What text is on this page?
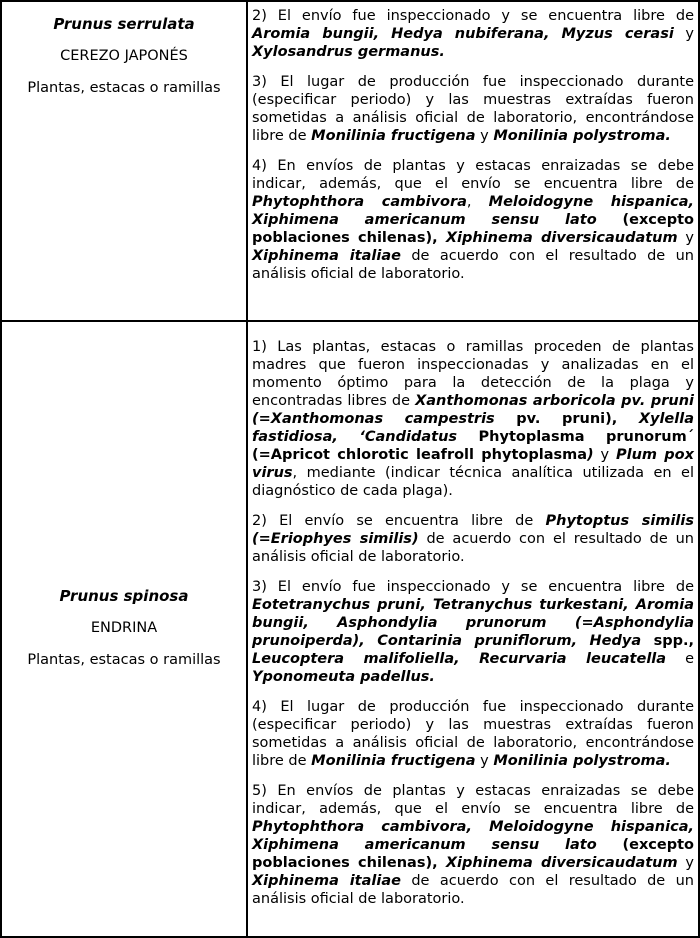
Prunus serrulata

CEREZO JAPONÉS

Plantas, estacas o ramillas

2) El envío fue inspeccionado y se encuentra libre de Aromia bungii, Hedya nubiferana, Myzus cerasi y Xylosandrus germanus.

3) El lugar de producción fue inspeccionado durante (especificar periodo) y las muestras extraídas fueron sometidas a análisis oficial de laboratorio, encontrándose libre de Monilinia fructigena y Monilinia polystroma.

4) En envíos de plantas y estacas enraizadas se debe indicar, además, que el envío se encuentra libre de Phytophthora cambivora, Meloidogyne hispanica, Xiphimena americanum sensu lato (excepto poblaciones chilenas), Xiphinema diversicaudatum y Xiphinema italiae de acuerdo con el resultado de un análisis oficial de laboratorio.

Prunus spinosa

ENDRINA

Plantas, estacas o ramillas

1) Las plantas, estacas o ramillas proceden de plantas madres que fueron inspeccionadas y analizadas en el momento óptimo para la detección de la plaga y encontradas libres de Xanthomonas arboricola pv. pruni (=Xanthomonas campestris pv. pruni), Xylella fastidiosa, ‘Candidatus Phytoplasma prunorum´ (=Apricot chlorotic leafroll phytoplasma) y Plum pox virus, mediante (indicar técnica analítica utilizada en el diagnóstico de cada plaga).

2) El envío se encuentra libre de Phytoptus similis (=Eriophyes similis) de acuerdo con el resultado de un análisis oficial de laboratorio.

3) El envío fue inspeccionado y se encuentra libre de Eotetranychus pruni, Tetranychus turkestani, Aromia bungii, Asphondylia prunorum (=Asphondylia prunoiperda), Contarinia pruniflorum, Hedya spp., Leucoptera malifoliella, Recurvaria leucatella e Yponomeuta padellus.

4) El lugar de producción fue inspeccionado durante (especificar periodo) y las muestras extraídas fueron sometidas a análisis oficial de laboratorio, encontrándose libre de Monilinia fructigena y Monilinia polystroma.

5) En envíos de plantas y estacas enraizadas se debe indicar, además, que el envío se encuentra libre de Phytophthora cambivora, Meloidogyne hispanica, Xiphimena americanum sensu lato (excepto poblaciones chilenas), Xiphinema diversicaudatum y Xiphinema italiae de acuerdo con el resultado de un análisis oficial de laboratorio.
